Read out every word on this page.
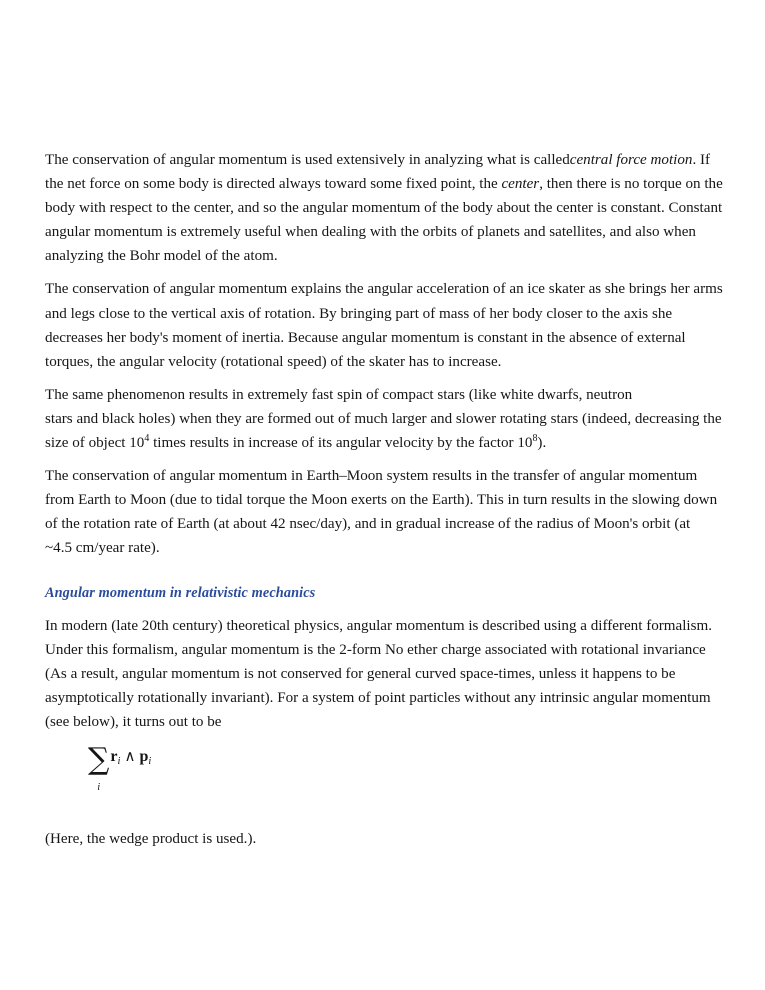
The conservation of angular momentum is used extensively in analyzing what is calledcentral force motion. If
the net force on some body is directed always toward some fixed point, the center, then there is no torque on the
body with respect to the center, and so the angular momentum of the body about the center is constant. Constant
angular momentum is extremely useful when dealing with the orbits of planets and satellites, and also when
analyzing the Bohr model of the atom.

The conservation of angular momentum explains the angular acceleration of an ice skater as she brings her arms
and legs close to the vertical axis of rotation. By bringing part of mass of her body closer to the axis she
decreases her body's moment of inertia. Because angular momentum is constant in the absence of external
torques, the angular velocity (rotational speed) of the skater has to increase.

The same phenomenon results in extremely fast spin of compact stars (like white dwarfs, neutron
stars and black holes) when they are formed out of much larger and slower rotating stars (indeed, decreasing the
size of object $10^4$ times results in increase of its angular velocity by the factor $10^8$).

The conservation of angular momentum in Earth–Moon system results in the transfer of angular momentum
from Earth to Moon (due to tidal torque the Moon exerts on the Earth). This in turn results in the slowing down
of the rotation rate of Earth (at about 42 nsec/day), and in gradual increase of the radius of Moon's orbit (at
~4.5 cm/year rate).

Angular momentum in relativistic mechanics

In modern (late 20th century) theoretical physics, angular momentum is described using a different formalism.
Under this formalism, angular momentum is the 2-form No ether charge associated with rotational invariance
(As a result, angular momentum is not conserved for general curved space-times, unless it happens to be
asymptotically rotationally invariant). For a system of point particles without any intrinsic angular momentum
(see below), it turns out to be

∑
i
$r_i$ ∧ $p_i$

(Here, the wedge product is used.).
